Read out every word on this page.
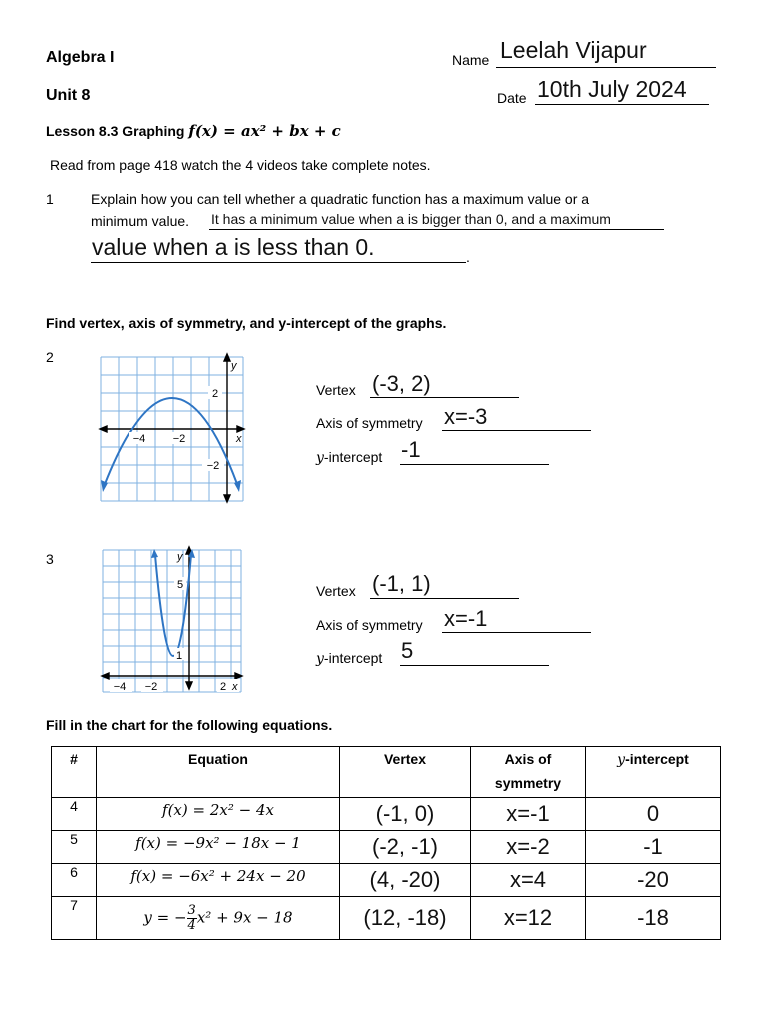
Algebra I
Unit 8
Lesson 8.3 Graphing f(x) = ax² + bx + c
Name Leelah Vijapur
Date 10th July 2024
Read from page 418 watch the 4 videos take complete notes.
1	Explain how you can tell whether a quadratic function has a maximum value or a
minimum value. It has a minimum value when a is bigger than 0, and a maximum
value when a is less than 0.	.
Find vertex, axis of symmetry, and y-intercept of the graphs.
2
−4 −2
2
−2
x
y
Vertex (-3, 2)
Axis of symmetry x=-3
y-intercept -1
3
5
1
−4 −2	2 x
y
Vertex (-1, 1)
Axis of symmetry x=-1
y-intercept 5
Fill in the chart for the following equations.
#	Equation	Vertex	Axis of
symmetry	y-intercept
4	f(x) = 2x² − 4x	(-1, 0)	x=-1	0
5	f(x) = −9x² − 18x − 1	(-2, -1)	x=-2	-1
6	f(x) = −6x² + 24x − 20	(4, -20)	x=4	-20
7	y = − $\frac{3}{4} x^2 + 9x - 18$	(12, -18)	x=12	-18
